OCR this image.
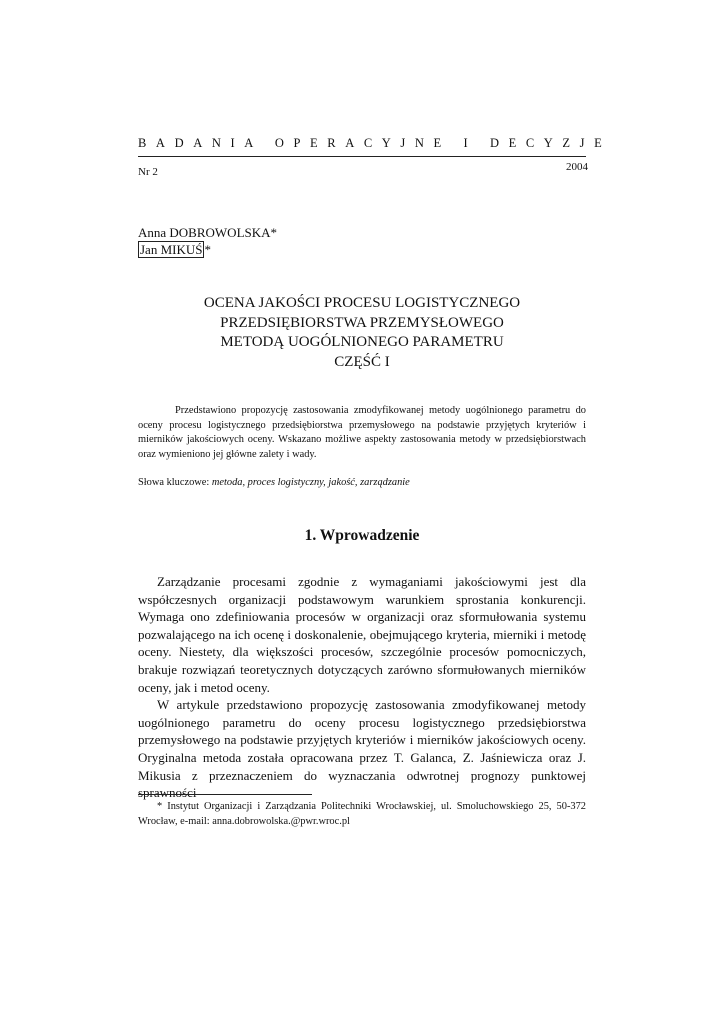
BADANIA OPERACYJNE I DECYZJE
Nr 2	2004
Anna DOBROWOLSKA*
Jan MIKUŚ *
OCENA JAKOŚCI PROCESU LOGISTYCZNEGO
PRZEDSIĘBIORSTWA PRZEMYSŁOWEGO
METODĄ UOGÓLNIONEGO PARAMETRU
CZĘŚĆ I

Przedstawiono propozycję zastosowania zmodyfikowanej metody uogólnionego parametru do oceny procesu logistycznego przedsiębiorstwa przemysłowego na podstawie przyjętych kryteriów i mierników jakościowych oceny. Wskazano możliwe aspekty zastosowania metody w przedsiębiorstwach oraz wymieniono jej główne zalety i wady.

Słowa kluczowe: metoda, proces logistyczny, jakość, zarządzanie
1. Wprowadzenie

Zarządzanie procesami zgodnie z wymaganiami jakościowymi jest dla współczesnych organizacji podstawowym warunkiem sprostania konkurencji. Wymaga ono zdefiniowania procesów w organizacji oraz sformułowania systemu pozwalającego na ich ocenę i doskonalenie, obejmującego kryteria, mierniki i metodę oceny. Niestety, dla większości procesów, szczególnie procesów pomocniczych, brakuje rozwiązań teoretycznych dotyczących zarówno sformułowanych mierników oceny, jak i metod oceny.

W artykule przedstawiono propozycję zastosowania zmodyfikowanej metody uogólnionego parametru do oceny procesu logistycznego przedsiębiorstwa przemysłowego na podstawie przyjętych kryteriów i mierników jakościowych oceny. Oryginalna metoda została opracowana przez T. Galanca, Z. Jaśniewicza oraz J. Mikusia z przeznaczeniem do wyznaczania odwrotnej prognozy punktowej sprawności

* Instytut Organizacji i Zarządzania Politechniki Wrocławskiej, ul. Smoluchowskiego 25, 50-372 Wrocław, e-mail: anna.dobrowolska.@pwr.wroc.pl
